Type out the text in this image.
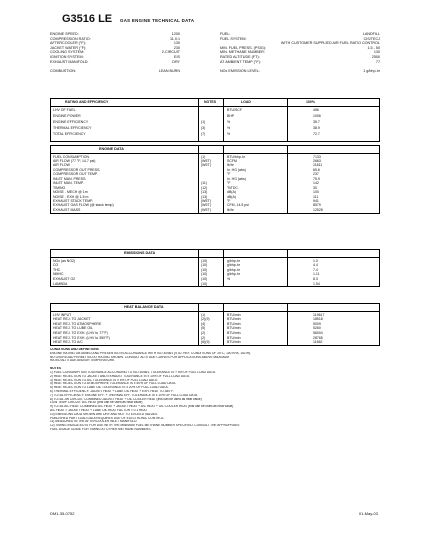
G3516 LE GAS ENGINE TECHNICAL DATA
ENGINE SPEED:	1200
COMPRESSION RATIO:	11.0:1
AFTERCOOLER (°F):	130
JACKET WATER (°F):	230
COOLING SYSTEM:	2-CIRCUIT
IGNITION SYSTEM:	EIS
EXHAUST MANIFOLD:	DRY
COMBUSTION:	LEAN BURN
FUEL:	LANDFILL
FUEL SYSTEM:	CIS/TECJ
WITH CUSTOMER SUPPLIED AIR FUEL RATIO CONTROL
MIN. FUEL PRESS. (PSIG):	1.5 - 50
MIN. METHANE NUMBER:	130
RATED ALTITUDE (FT):	2500
AT AMBIENT TEMP (°F):	77
NOx EMISSION LEVEL:	1 g/bhp-hr
RATING AND EFFICIENCY	NOTES	LOAD	100%
LHV OF FUEL	BTU/SCF	456
ENGINE POWER	BHP	1006
ENGINE EFFICIENCY	(1)	%	35.7
THERMAL EFFICIENCY	(3)	%	38.9
TOTAL EFFICIENCY	(7)	%	72.7
ENGINE DATA
FUEL CONSUMPTION	(1)	BTU/bhp-hr	7133
AIR FLOW (77 °F, 14.7 psi)	(WET)	SCFM	2663
AIR FLOW	(WET)	lb/hr	11811
COMPRESSOR OUT PRESS.	in. HG (abs)	65.6
COMPRESSOR OUT TEMP.	°F	237
INLET MAN. PRESS.	in. HG (abs)	75.9
INLET MAN. TEMP.	(11)	°F	142
TIMING	(12)	°BTDC	30
NOISE - MECH @ 1m	(13)	dB(A)	100
NOISE - EXH @ 1.5 m	(13)	dB(A)	111
EXHAUST STACK TEMP.	(WET)	°F	941
EXHAUST GAS FLOW (@ stack temp)	(WET)	CFM, 14.5 psi	8579
EXHAUST MASS	(WET)	lb/hr	12528
EMISSIONS DATA
NOx (as NO2)	(10)	g/bhp-hr	1.0
CO	(10)	g/bhp-hr	4.4
THC	(10)	g/bhp-hr	7.4
NMHC	(10)	g/bhp-hr	1.11
EXHAUST O2	(10)	%	8.3
LAMBDA	(10)	1.54
HEAT BALANCE DATA
LHV INPUT	(1)	BTU/min	119617
HEAT REJ. TO JACKET	(2)(9)	BTU/min	18518
HEAT REJ. TO ATMOSPHERE	(4)	BTU/min	5009
HEAT REJ. TO LUBE OIL	(5)	BTU/min	5260
HEAT REJ. TO EXH. (LHV to 77°F)	(2)	BTU/min	56004
HEAT REJ. TO EXH. (LHV to 350°F)	(2)	BTU/min	28765
HEAT REJ. TO A/C	(6)(9)	BTU/min	11662

CONDITIONS AND DEFINITIONS

ENGINE RATING OBTAINED AND PRESENTED IN ACCORDANCE WITH ISO 3046/1 (STD. REF. CONDITIONS OF 25°C, 100 KPA, 152 m).

NO OVERLOAD PERMITTED AT RATING SHOWN. CONSULT ALTITUDE CURVES FOR APPLICATIONS ABOVE MAXIMUM

RATED ALTITUDE AND/OR TEMPERATURE.

NOTES

1) FUEL CONSUMPTION TOLERANCE ACCORDING TO ISO 3046/1. TOLERANCE IS + 5% OF FULL LOAD DATA.

2) HEAT REJECTION TO JACKET AND EXHAUST TOLERANCE IS ± 10% OF FULL LOAD DATA.

3) HEAT REJECTION TO A/C TOLERANCE IS ± 5% OF FULL LOAD DATA.

4) HEAT REJECTION TO ATMOSPHERE TOLERANCE IS ± 50% OF FULL LOAD DATA.

5) HEAT REJECTION TO LUBE OIL TOLERANCE IS ± 20% OF FULL LOAD DATA.

6) THERMAL EFFICIENCY: JACKET HEAT + LUBE OIL HEAT + EXH. HEAT TO 350°F.

7) TOTAL EFFICIENCY: ENGINE EFF. + THERMAL EFF. TOLERANCE IS ± 10% OF FULL LOAD DATA.

8) TOTAL JW CIRCUIT: COMBINED JACKET HEAT + OIL COOLER HEAT (this can be used as heat value)

LOW TEMP CIRCUIT: A/C HEAT (this can be used as heat value)

9) TOTAL A/C HEAT: COMBINED A/C HEAT + JACKET HEAT + A/C HEAT + OIL COOLER HEAT (this can be used as heat value)

A/C HEAT = JACKET HEAT + LUBE OIL HEAT FACTOR = 0.1 HEAT

10) EMISSIONS DATA SHOWN ARE DRY AND NOT TO EXCEED VALUES.

PUBLISHED PART LOAD DATA REQUIRES USE OF ELECTRONIC CONTROL.

11) MEASURED IN THE AFTERCOOLER INLET MANIFOLD.

12) TIMING INDICATED IS FOR USE WITH THE MINIMUM FUEL METHANE NUMBER SPECIFIED. CONSULT THE APPROPRIATE

FUEL USAGE GUIDE FOR TIMING AT OTHER METHANE NUMBERS.

DM1-35-0752	01-May-03
